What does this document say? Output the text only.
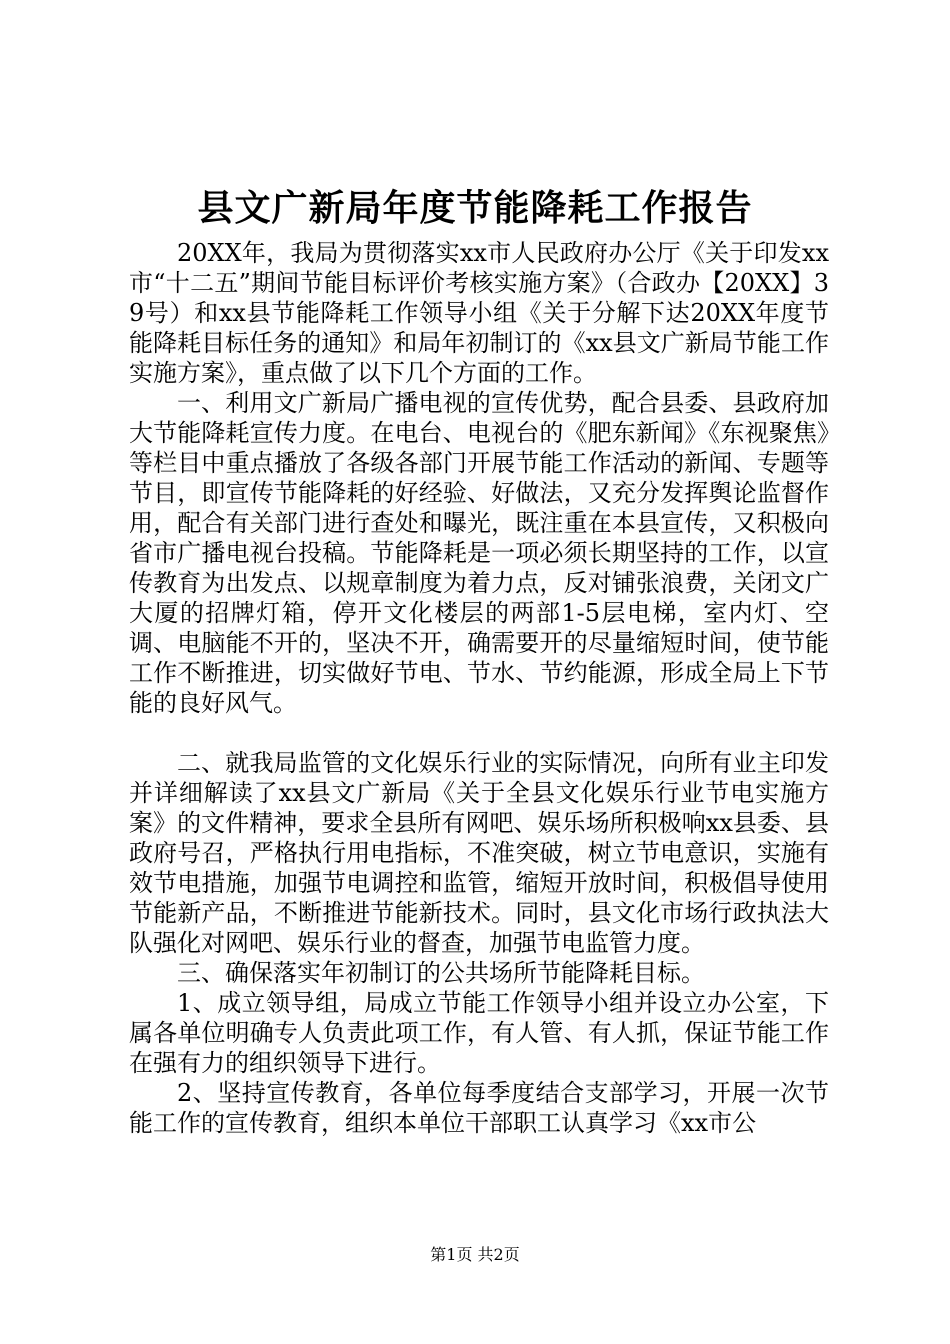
县文广新局年度节能降耗工作报告

20XX年，我局为贯彻落实xx市人民政府办公厅《关于印发xx市“十二五”期间节能目标评价考核实施方案》（合政办【20XX】39号）和xx县节能降耗工作领导小组《关于分解下达20XX年度节能降耗目标任务的通知》和局年初制订的《xx县文广新局节能工作实施方案》，重点做了以下几个方面的工作。

一、利用文广新局广播电视的宣传优势，配合县委、县政府加大节能降耗宣传力度。在电台、电视台的《肥东新闻》《东视聚焦》等栏目中重点播放了各级各部门开展节能工作活动的新闻、专题等节目，即宣传节能降耗的好经验、好做法，又充分发挥舆论监督作用，配合有关部门进行查处和曝光，既注重在本县宣传，又积极向省市广播电视台投稿。节能降耗是一项必须长期坚持的工作，以宣传教育为出发点、以规章制度为着力点，反对铺张浪费，关闭文广大厦的招牌灯箱，停开文化楼层的两部1-5层电梯，室内灯、空调、电脑能不开的，坚决不开，确需要开的尽量缩短时间，使节能工作不断推进，切实做好节电、节水、节约能源，形成全局上下节能的良好风气。

二、就我局监管的文化娱乐行业的实际情况，向所有业主印发并详细解读了xx县文广新局《关于全县文化娱乐行业节电实施方案》的文件精神，要求全县所有网吧、娱乐场所积极响xx县委、县政府号召，严格执行用电指标，不准突破，树立节电意识，实施有效节电措施，加强节电调控和监管，缩短开放时间，积极倡导使用节能新产品，不断推进节能新技术。同时，县文化市场行政执法大队强化对网吧、娱乐行业的督查，加强节电监管力度。

三、确保落实年初制订的公共场所节能降耗目标。

1、成立领导组，局成立节能工作领导小组并设立办公室，下属各单位明确专人负责此项工作，有人管、有人抓，保证节能工作在强有力的组织领导下进行。

2、坚持宣传教育，各单位每季度结合支部学习，开展一次节能工作的宣传教育，组织本单位干部职工认真学习《xx市公

第1页 共2页
